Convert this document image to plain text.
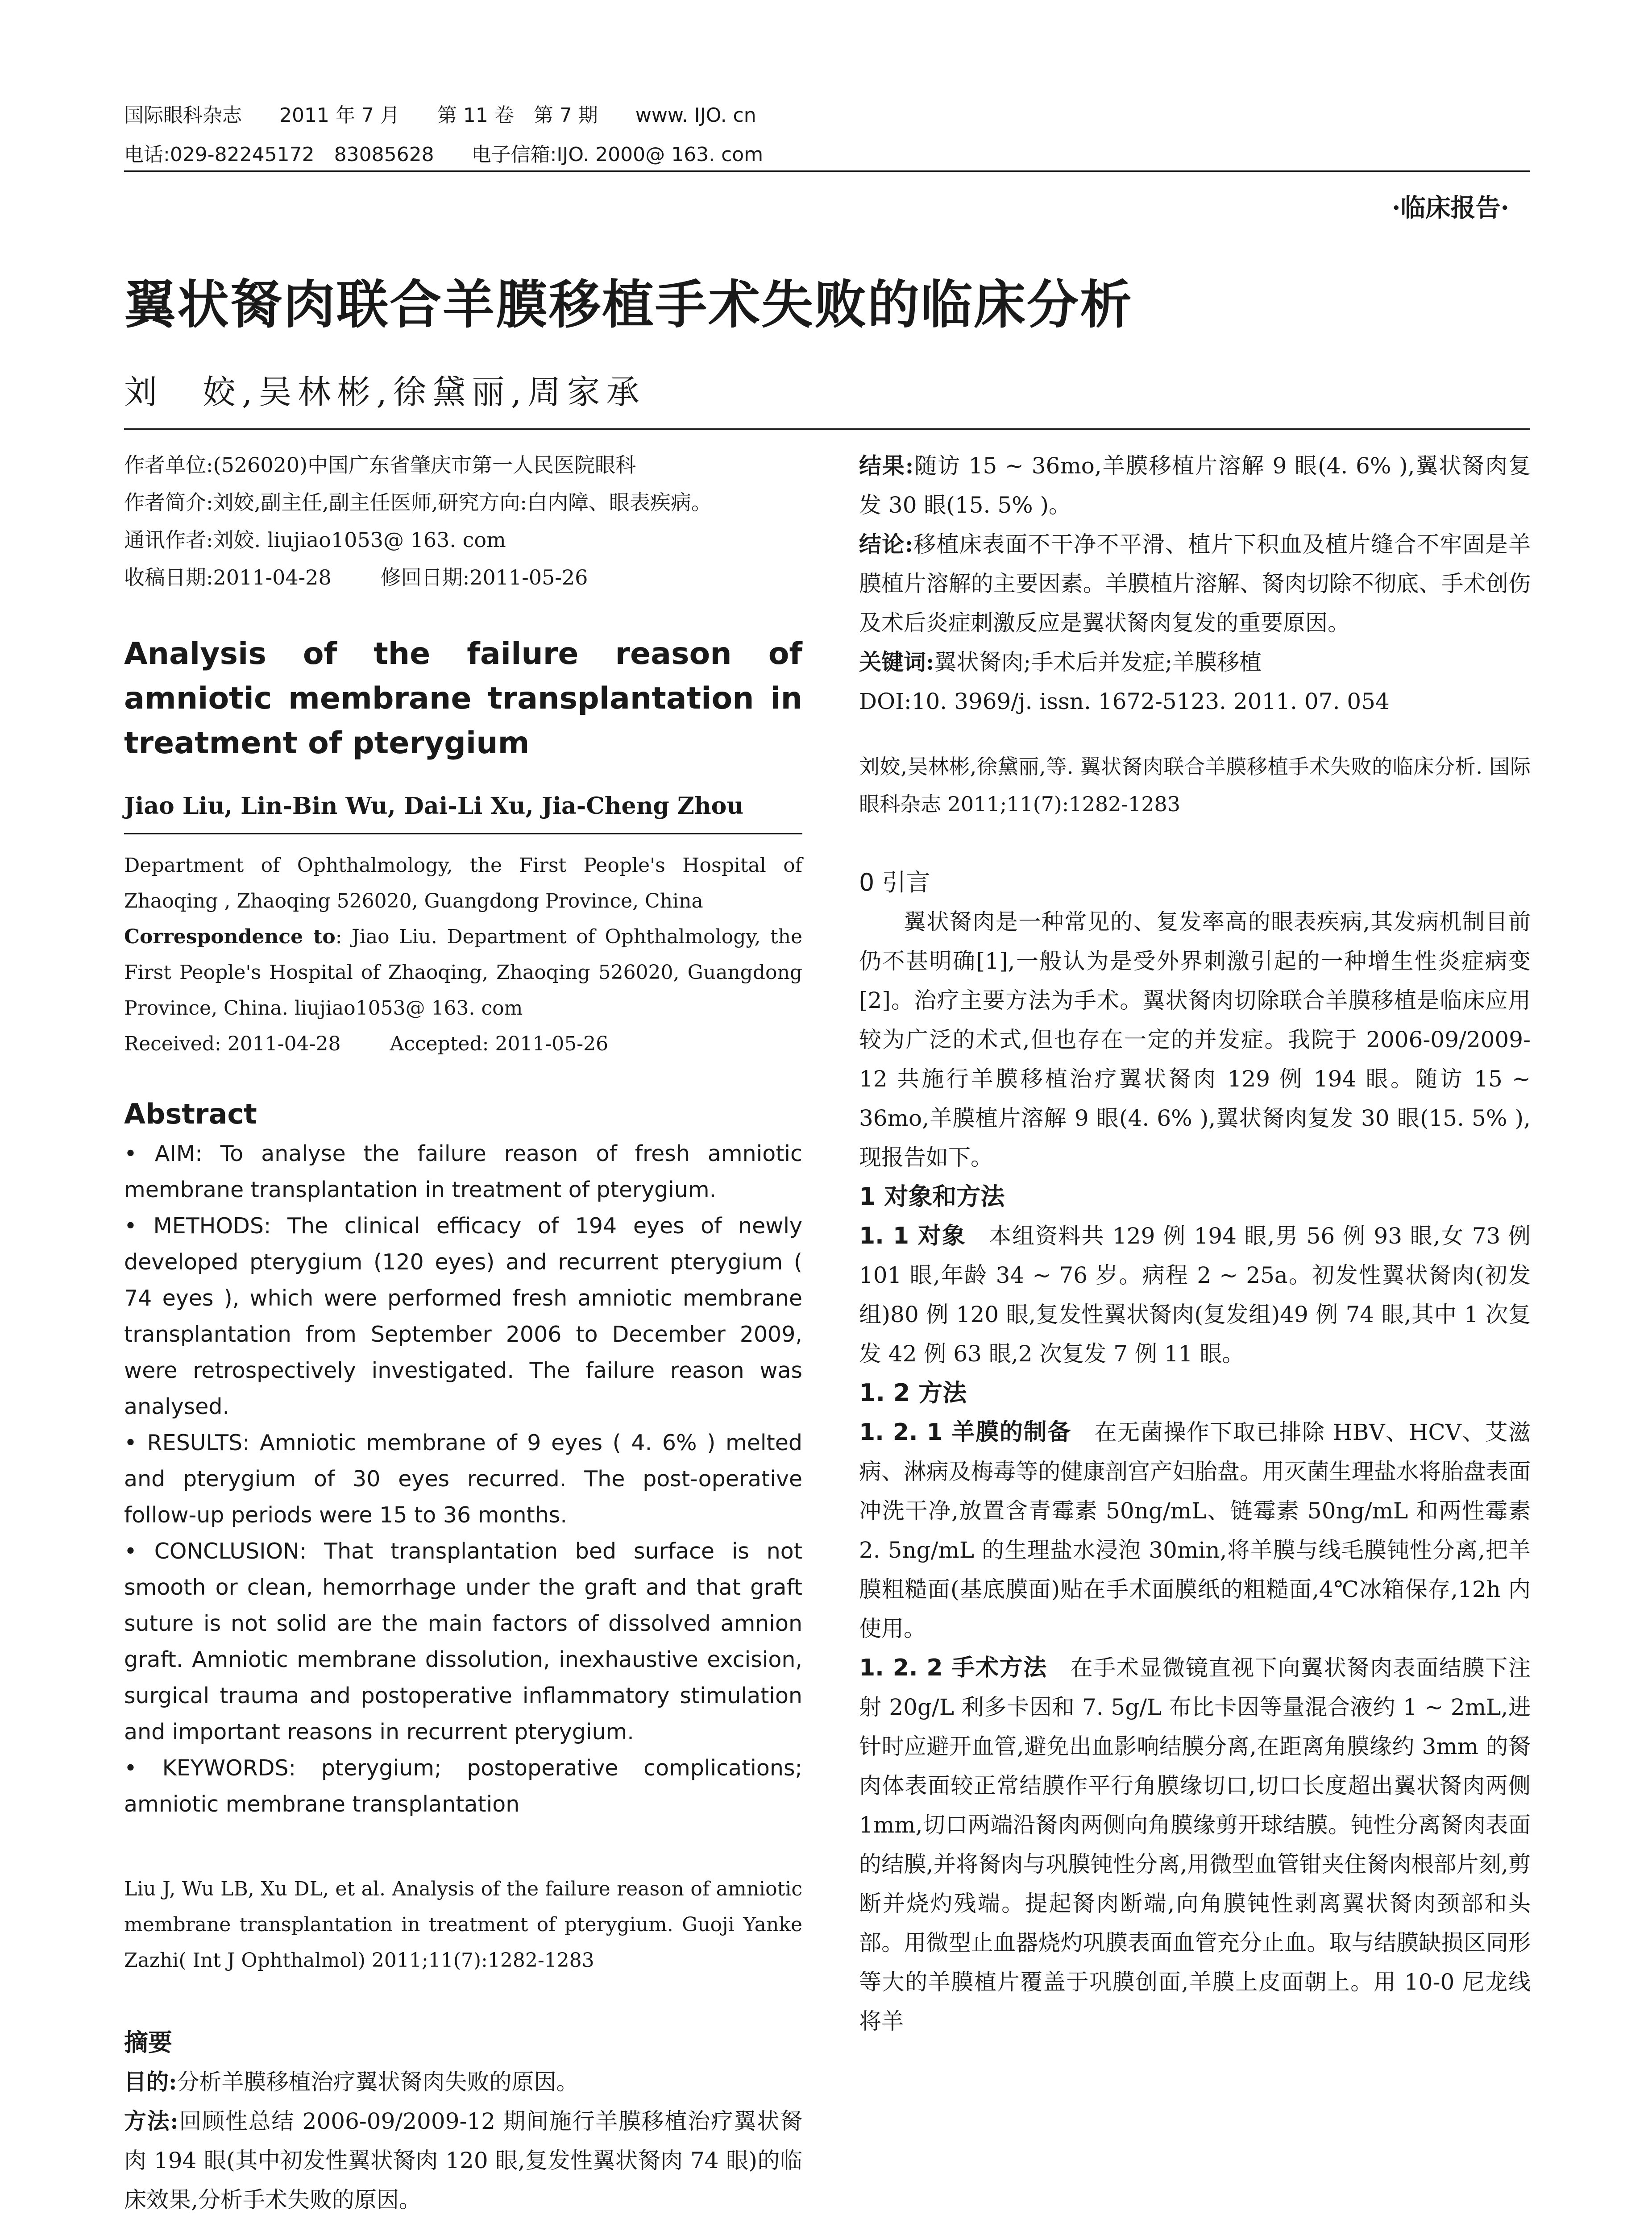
国际眼科杂志 2011 年 7 月 第 11 卷 第 7 期 www. IJO. cn
电话:029-82245172　83085628 电子信箱:IJO. 2000@ 163. com
·临床报告·
翼状胬肉联合羊膜移植手术失败的临床分析
刘　姣,吴林彬,徐黛丽,周家承

作者单位:(526020)中国广东省肇庆市第一人民医院眼科

作者简介:刘姣,副主任,副主任医师,研究方向:白内障、眼表疾病。

通讯作者:刘姣. liujiao1053@ 163. com

收稿日期:2011-04-28 修回日期:2011-05-26

Analysis of the failure reason of amniotic membrane transplantation in treatment of pterygium

Jiao Liu, Lin-Bin Wu, Dai-Li Xu, Jia-Cheng Zhou

Department of Ophthalmology, the First People's Hospital of Zhaoqing , Zhaoqing 526020, Guangdong Province, China

Correspondence to: Jiao Liu. Department of Ophthalmology, the First People's Hospital of Zhaoqing, Zhaoqing 526020, Guangdong Province, China. liujiao1053@ 163. com

Received: 2011-04-28	Accepted: 2011-05-26

Abstract

• AIM: To analyse the failure reason of fresh amniotic membrane transplantation in treatment of pterygium.

• METHODS: The clinical efficacy of 194 eyes of newly developed pterygium (120 eyes) and recurrent pterygium ( 74 eyes ), which were performed fresh amniotic membrane transplantation from September 2006 to December 2009, were retrospectively investigated. The failure reason was analysed.

• RESULTS: Amniotic membrane of 9 eyes ( 4. 6% ) melted and pterygium of 30 eyes recurred. The post-operative follow-up periods were 15 to 36 months.

• CONCLUSION: That transplantation bed surface is not smooth or clean, hemorrhage under the graft and that graft suture is not solid are the main factors of dissolved amnion graft. Amniotic membrane dissolution, inexhaustive excision, surgical trauma and postoperative inflammatory stimulation and important reasons in recurrent pterygium.

• KEYWORDS: pterygium; postoperative complications; amniotic membrane transplantation

Liu J, Wu LB, Xu DL, et al. Analysis of the failure reason of amniotic membrane transplantation in treatment of pterygium. Guoji Yanke Zazhi( Int J Ophthalmol) 2011;11(7):1282-1283

摘要

目的:分析羊膜移植治疗翼状胬肉失败的原因。

方法:回顾性总结 2006-09/2009-12 期间施行羊膜移植治疗翼状胬肉 194 眼(其中初发性翼状胬肉 120 眼,复发性翼状胬肉 74 眼)的临床效果,分析手术失败的原因。

结果:随访 15 ~ 36mo,羊膜移植片溶解 9 眼(4. 6% ),翼状胬肉复发 30 眼(15. 5% )。

结论:移植床表面不干净不平滑、植片下积血及植片缝合不牢固是羊膜植片溶解的主要因素。羊膜植片溶解、胬肉切除不彻底、手术创伤及术后炎症刺激反应是翼状胬肉复发的重要原因。

关键词:翼状胬肉;手术后并发症;羊膜移植

DOI:10. 3969/j. issn. 1672-5123. 2011. 07. 054

刘姣,吴林彬,徐黛丽,等. 翼状胬肉联合羊膜移植手术失败的临床分析. 国际眼科杂志 2011;11(7):1282-1283

0 引言

翼状胬肉是一种常见的、复发率高的眼表疾病,其发病机制目前仍不甚明确[1],一般认为是受外界刺激引起的一种增生性炎症病变[2]。治疗主要方法为手术。翼状胬肉切除联合羊膜移植是临床应用较为广泛的术式,但也存在一定的并发症。我院于 2006-09/2009-12 共施行羊膜移植治疗翼状胬肉 129 例 194 眼。随访 15 ~ 36mo,羊膜植片溶解 9 眼(4. 6% ),翼状胬肉复发 30 眼(15. 5% ),现报告如下。

1 对象和方法

1. 1 对象　 本组资料共 129 例 194 眼,男 56 例 93 眼,女 73 例 101 眼,年龄 34 ~ 76 岁。病程 2 ~ 25a。初发性翼状胬肉(初发组)80 例 120 眼,复发性翼状胬肉(复发组)49 例 74 眼,其中 1 次复发 42 例 63 眼,2 次复发 7 例 11 眼。

1. 2 方法

1. 2. 1 羊膜的制备　 在无菌操作下取已排除 HBV、HCV、艾滋病、淋病及梅毒等的健康剖宫产妇胎盘。用灭菌生理盐水将胎盘表面冲洗干净,放置含青霉素 50ng/mL、链霉素 50ng/mL 和两性霉素 2. 5ng/mL 的生理盐水浸泡 30min,将羊膜与线毛膜钝性分离,把羊膜粗糙面(基底膜面)贴在手术面膜纸的粗糙面,4℃冰箱保存,12h 内使用。

1. 2. 2 手术方法　 在手术显微镜直视下向翼状胬肉表面结膜下注射 20g/L 利多卡因和 7. 5g/L 布比卡因等量混合液约 1 ~ 2mL,进针时应避开血管,避免出血影响结膜分离,在距离角膜缘约 3mm 的胬肉体表面较正常结膜作平行角膜缘切口,切口长度超出翼状胬肉两侧 1mm,切口两端沿胬肉两侧向角膜缘剪开球结膜。钝性分离胬肉表面的结膜,并将胬肉与巩膜钝性分离,用微型血管钳夹住胬肉根部片刻,剪断并烧灼残端。提起胬肉断端,向角膜钝性剥离翼状胬肉颈部和头部。用微型止血器烧灼巩膜表面血管充分止血。取与结膜缺损区同形等大的羊膜植片覆盖于巩膜创面,羊膜上皮面朝上。用 10-0 尼龙线将羊
